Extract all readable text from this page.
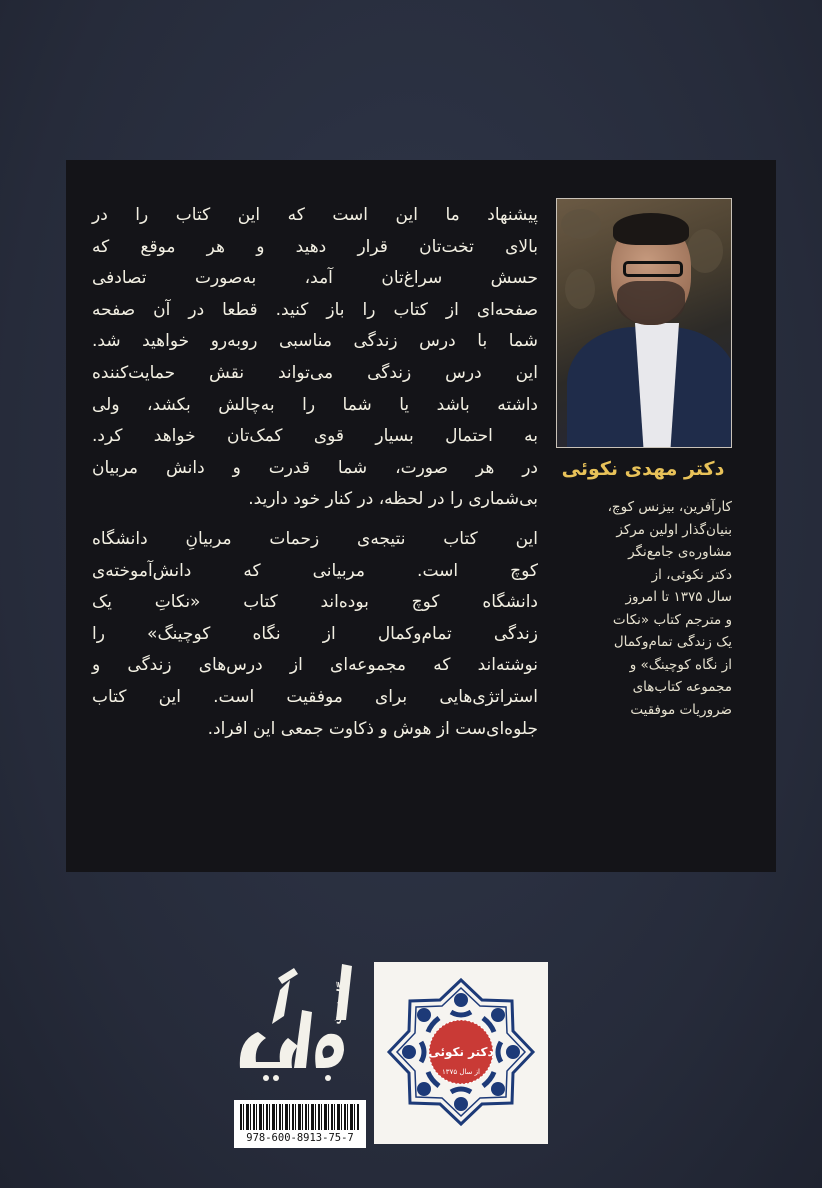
پیشنهاد ما این است که این کتاب را در
بالای تخت‌تان قرار دهید و هر موقع که
حسش سراغ‌تان آمد، به‌صورت تصادفی
صفحه‌ای از کتاب را باز کنید. قطعا در آن صفحه
شما با درس زندگی مناسبی روبه‌رو خواهید شد.
این درس زندگی می‌تواند نقش حمایت‌کننده
داشته باشد یا شما را به‌چالش بکشد، ولی
به احتمال بسیار قوی کمک‌تان خواهد کرد.
در هر صورت، شما قدرت و دانش مربیان
بی‌شماری را در لحظه، در کنار خود دارید.
این کتاب نتیجه‌ی زحمات مربیانِ دانشگاه
کوچ است. مربیانی که دانش‌آموخته‌ی
دانشگاه کوچ بوده‌اند کتاب «نکاتِ یک
زندگی تمام‌وکمال از نگاه کوچینگ» را
نوشته‌اند که مجموعه‌ای از درس‌های زندگی و
استراتژی‌هایی برای موفقیت است. این کتاب
جلوه‌ای‌ست از هوش و ذکاوت جمعی این افراد.
دکتر مهدی نکوئی
کارآفرین، بیزنس کوچ،
بنیان‌گذار اولین مرکز
مشاوره‌ی جامع‌نگر
دکتر نکوئی، از
سال ۱۳۷۵ تا امروز
و مترجم کتاب «نکات
یک زندگی تمام‌وکمال
از نگاه کوچینگ» و
مجموعه کتاب‌های
ضروریات موفقیت
دکتر نکوئی
از سال ۱۳۷۵
نگاه نوین
978-600-8913-75-7
